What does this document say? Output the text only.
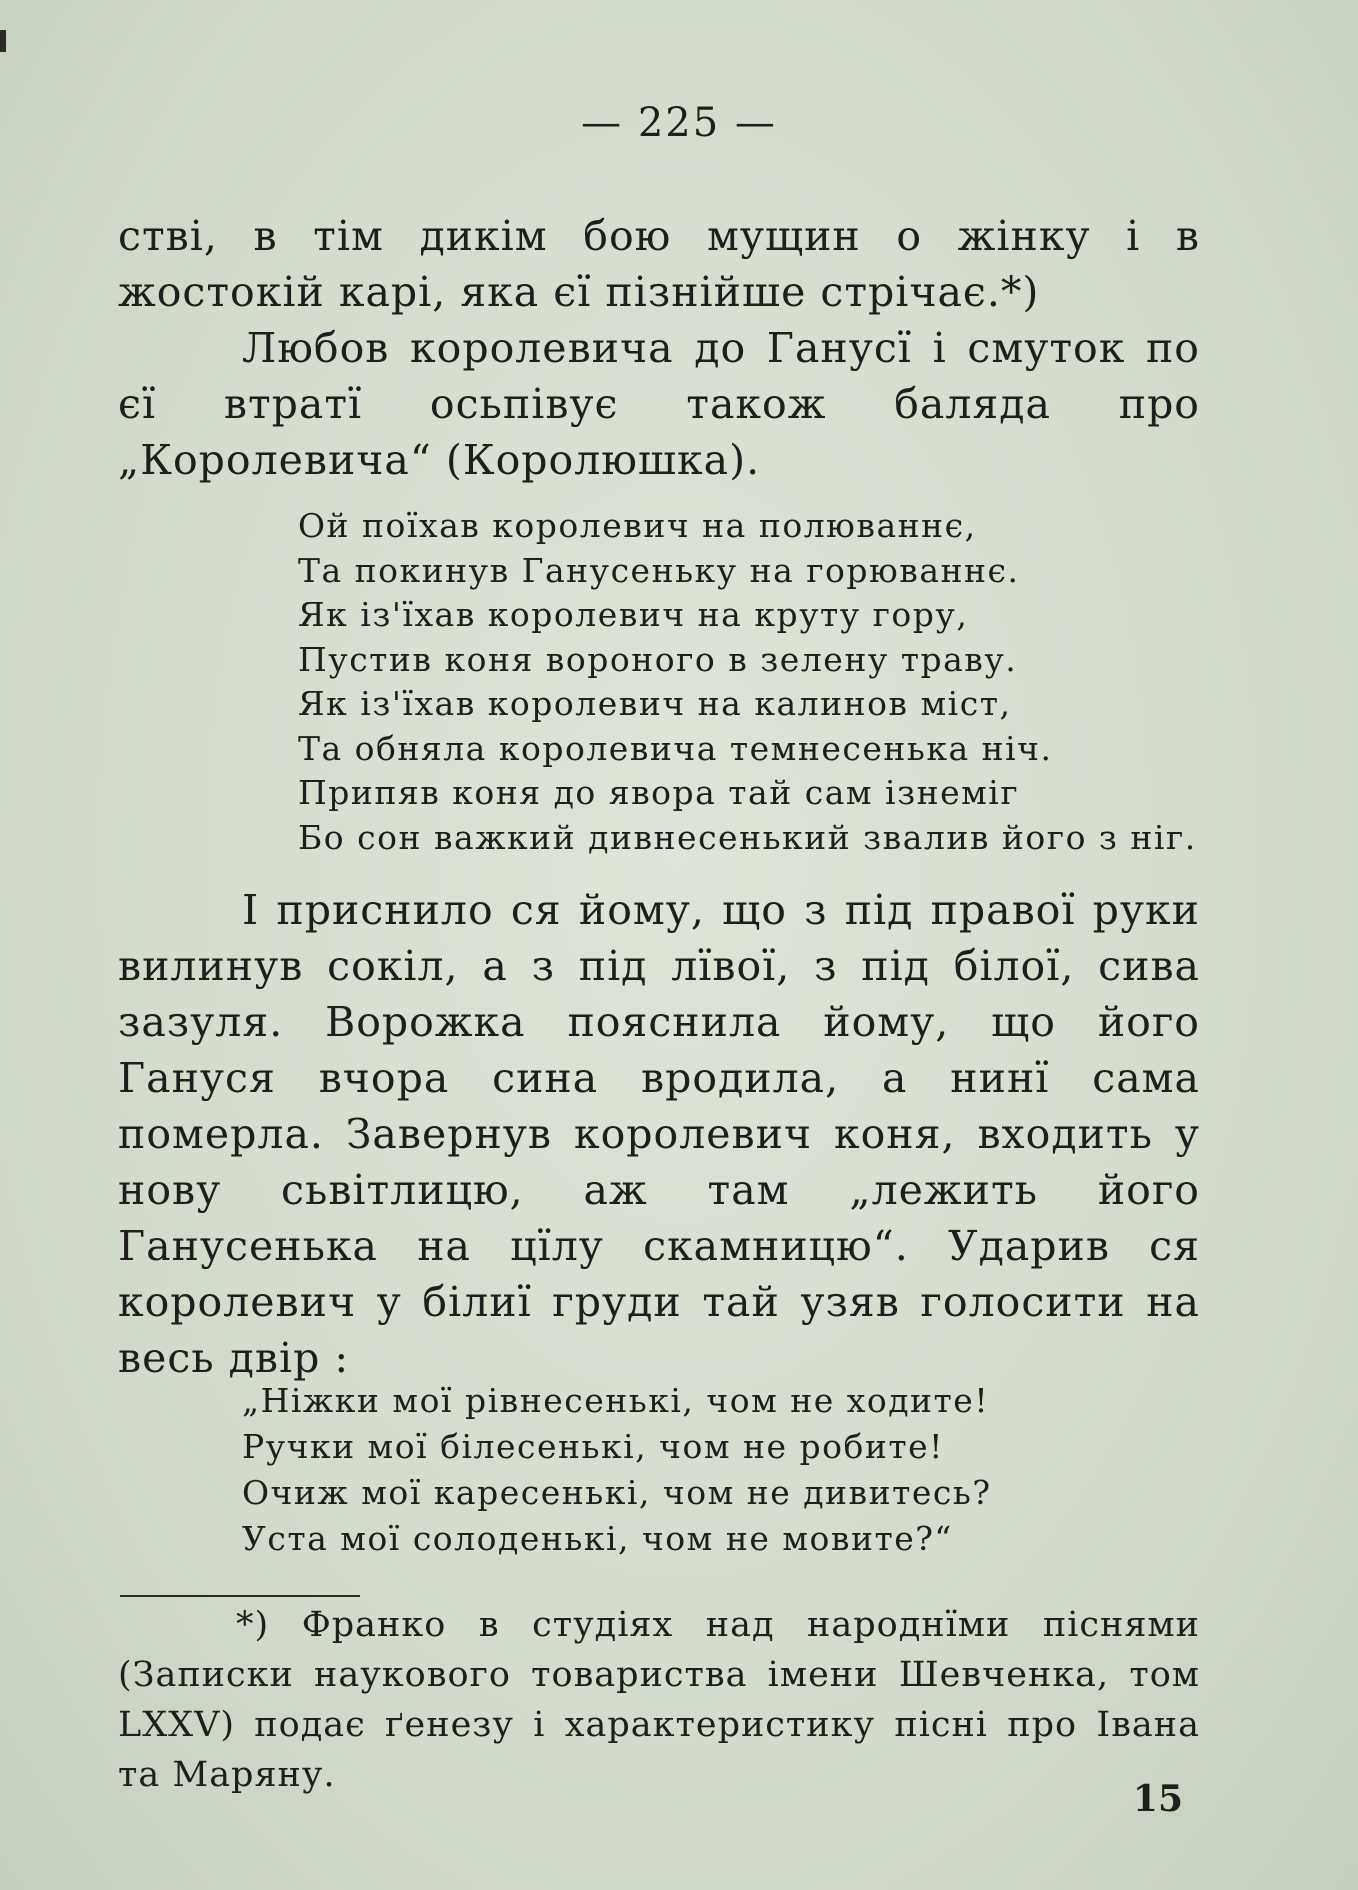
— 225 —

стві, в тім дикім бою мущин о жінку і в жостокій карі, яка єї пізнійше стрічає.*)

Любов королевича до Ганусї і смуток по єї втратї осьпівує також баляда про „Королевича“ (Королюшка).

Ой поїхав королевич на полюваннє,
Та покинув Ганусеньку на горюваннє.
Як із'їхав королевич на круту гору,
Пустив коня вороного в зелену траву.
Як із'їхав королевич на калинов міст,
Та обняла королевича темнесенька ніч.
Припяв коня до явора тай сам ізнеміг
Бо сон важкий дивнесенький звалив його з ніг.

І приснило ся йому, що з під правої руки вилинув сокіл, а з під лївої, з під білої, сива зазуля. Ворожка пояснила йому, що його Гануся вчора сина вродила, а нинї сама померла. Завернув королевич коня, входить у нову сьвітлицю, аж там „лежить його Ганусенька на цїлу скамницю“. Ударив ся королевич у білиї груди тай узяв голосити на весь двір :

„Ніжки мої рівнесенькі, чом не ходите!
Ручки мої білесенькі, чом не робите!
Очиж мої каресенькі, чом не дивитесь?
Уста мої солоденькі, чом не мовите?“

*) Франко в студіях над народнїми піснями (Записки наукового товариства імени Шевченка, том LXXV) подає ґенезу і характеристику пісні про Івана та Маряну.

15
